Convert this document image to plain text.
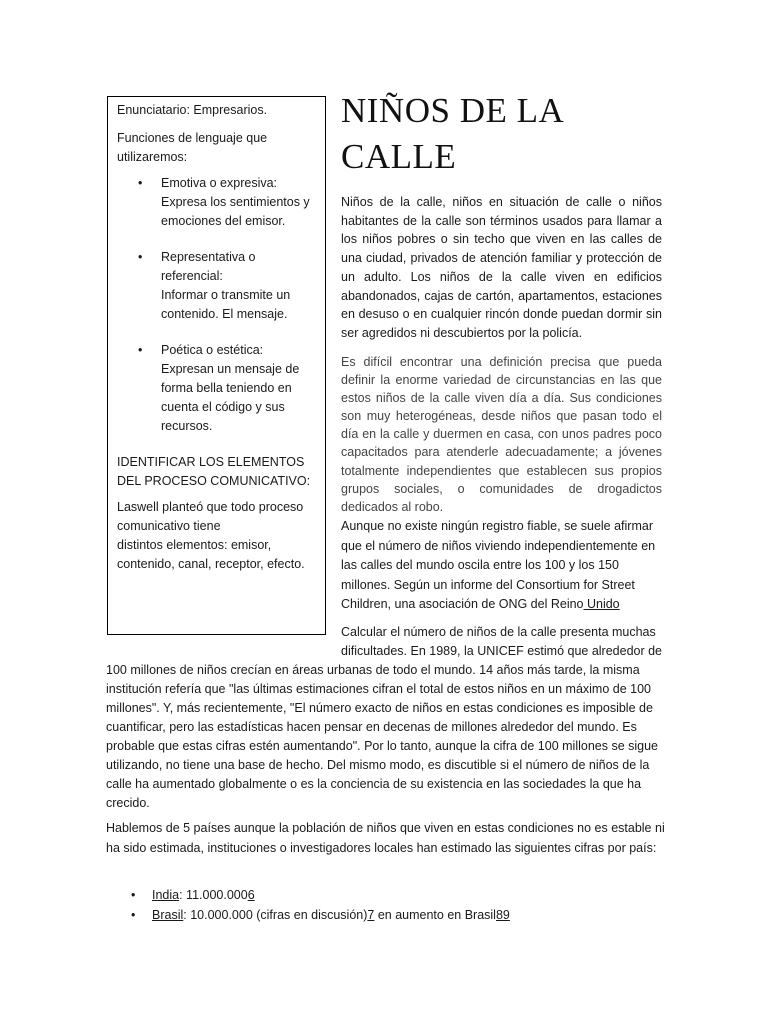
Enunciatario: Empresarios.

Funciones de lenguaje que utilizaremos:

• Emotiva o expresiva:
Expresa los sentimientos y emociones del emisor.
• Representativa o referencial:
Informar o transmite un contenido. El mensaje.
• Poética o estética:
Expresan un mensaje de forma bella teniendo en cuenta el código y sus recursos.

IDENTIFICAR LOS ELEMENTOS DEL PROCESO COMUNICATIVO:

Laswell planteó que todo proceso comunicativo tiene
distintos elementos: emisor, contenido, canal, receptor, efecto.

NIÑOS DE LA CALLE

Niños de la calle, niños en situación de calle o niños habitantes de la calle son términos usados para llamar a los niños pobres o sin techo que viven en las calles de una ciudad, privados de atención familiar y protección de un adulto. Los niños de la calle viven en edificios abandonados, cajas de cartón, apartamentos, estaciones en desuso o en cualquier rincón donde puedan dormir sin ser agredidos ni descubiertos por la policía.

Es difícil encontrar una definición precisa que pueda definir la enorme variedad de circunstancias en las que estos niños de la calle viven día a día. Sus condiciones son muy heterogéneas, desde niños que pasan todo el día en la calle y duermen en casa, con unos padres poco capacitados para atenderle adecuadamente; a jóvenes totalmente independientes que establecen sus propios grupos sociales, o comunidades de drogadictos dedicados al robo.

Aunque no existe ningún registro fiable, se suele afirmar que el número de niños viviendo independientemente en las calles del mundo oscila entre los 100 y los 150 millones. Según un informe del Consortium for Street Children, una asociación de ONG del Reino Unido

Calcular el número de niños de la calle presenta muchas
dificultades. En 1989, la UNICEF estimó que alrededor de
100 millones de niños crecían en áreas urbanas de todo el mundo. 14 años más tarde, la misma institución refería que "las últimas estimaciones cifran el total de estos niños en un máximo de 100 millones". Y, más recientemente, "El número exacto de niños en estas condiciones es imposible de cuantificar, pero las estadísticas hacen pensar en decenas de millones alrededor del mundo. Es probable que estas cifras estén aumentando". Por lo tanto, aunque la cifra de 100 millones se sigue utilizando, no tiene una base de hecho. Del mismo modo, es discutible si el número de niños de la calle ha aumentado globalmente o es la conciencia de su existencia en las sociedades la que ha crecido.

Hablemos de 5 países aunque la población de niños que viven en estas condiciones no es estable ni ha sido estimada, instituciones o investigadores locales han estimado las siguientes cifras por país:

• India: 11.000.0006
• Brasil: 10.000.000 (cifras en discusión)7 en aumento en Brasil89
